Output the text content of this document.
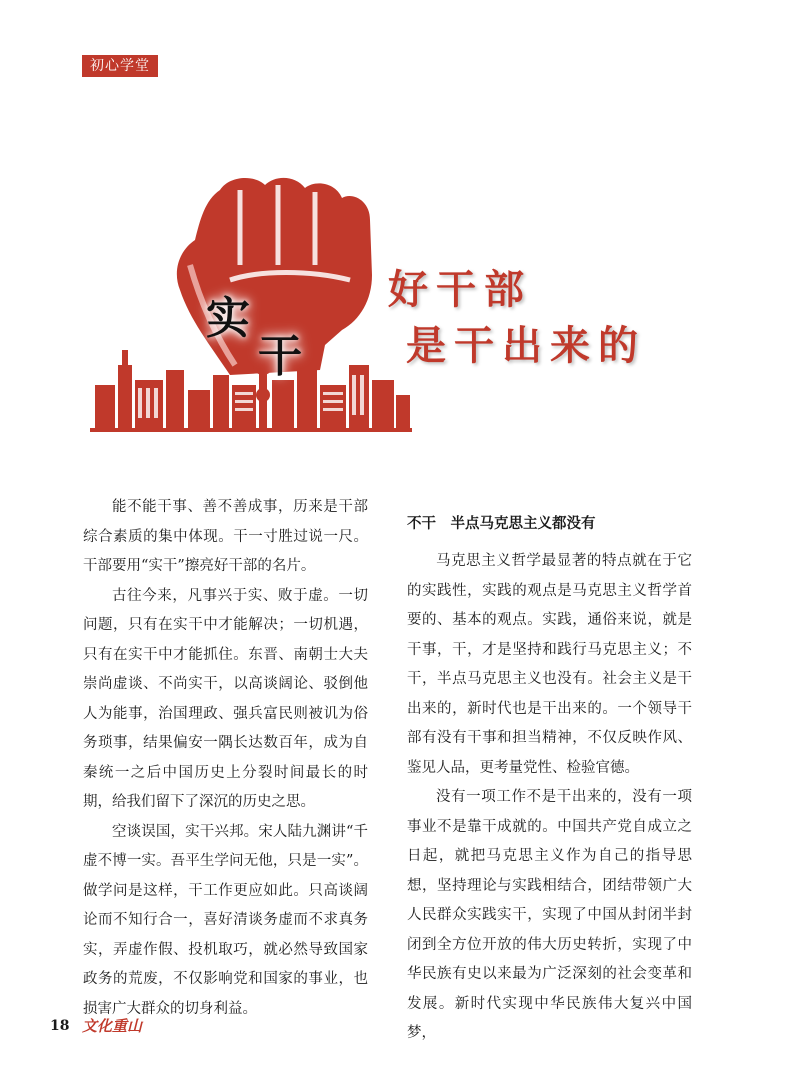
初心学堂
实
干
好干部
是干出来的

能不能干事、善不善成事，历来是干部综合素质的集中体现。干一寸胜过说一尺。干部要用“实干”擦亮好干部的名片。

古往今来，凡事兴于实、败于虚。一切问题，只有在实干中才能解决；一切机遇，只有在实干中才能抓住。东晋、南朝士大夫崇尚虚谈、不尚实干，以高谈阔论、驳倒他人为能事，治国理政、强兵富民则被讥为俗务琐事，结果偏安一隅长达数百年，成为自秦统一之后中国历史上分裂时间最长的时期，给我们留下了深沉的历史之思。

空谈误国，实干兴邦。宋人陆九渊讲“千虚不博一实。吾平生学问无他，只是一实”。做学问是这样，干工作更应如此。只高谈阔论而不知行合一，喜好清谈务虚而不求真务实，弄虚作假、投机取巧，就必然导致国家政务的荒废，不仅影响党和国家的事业，也损害广大群众的切身利益。

不干　半点马克思主义都没有

马克思主义哲学最显著的特点就在于它的实践性，实践的观点是马克思主义哲学首要的、基本的观点。实践，通俗来说，就是干事，干，才是坚持和践行马克思主义；不干，半点马克思主义也没有。社会主义是干出来的，新时代也是干出来的。一个领导干部有没有干事和担当精神，不仅反映作风、鉴见人品，更考量党性、检验官德。

没有一项工作不是干出来的，没有一项事业不是靠干成就的。中国共产党自成立之日起，就把马克思主义作为自己的指导思想，坚持理论与实践相结合，团结带领广大人民群众实践实干，实现了中国从封闭半封闭到全方位开放的伟大历史转折，实现了中华民族有史以来最为广泛深刻的社会变革和发展。新时代实现中华民族伟大复兴中国梦，

18 文化重山
